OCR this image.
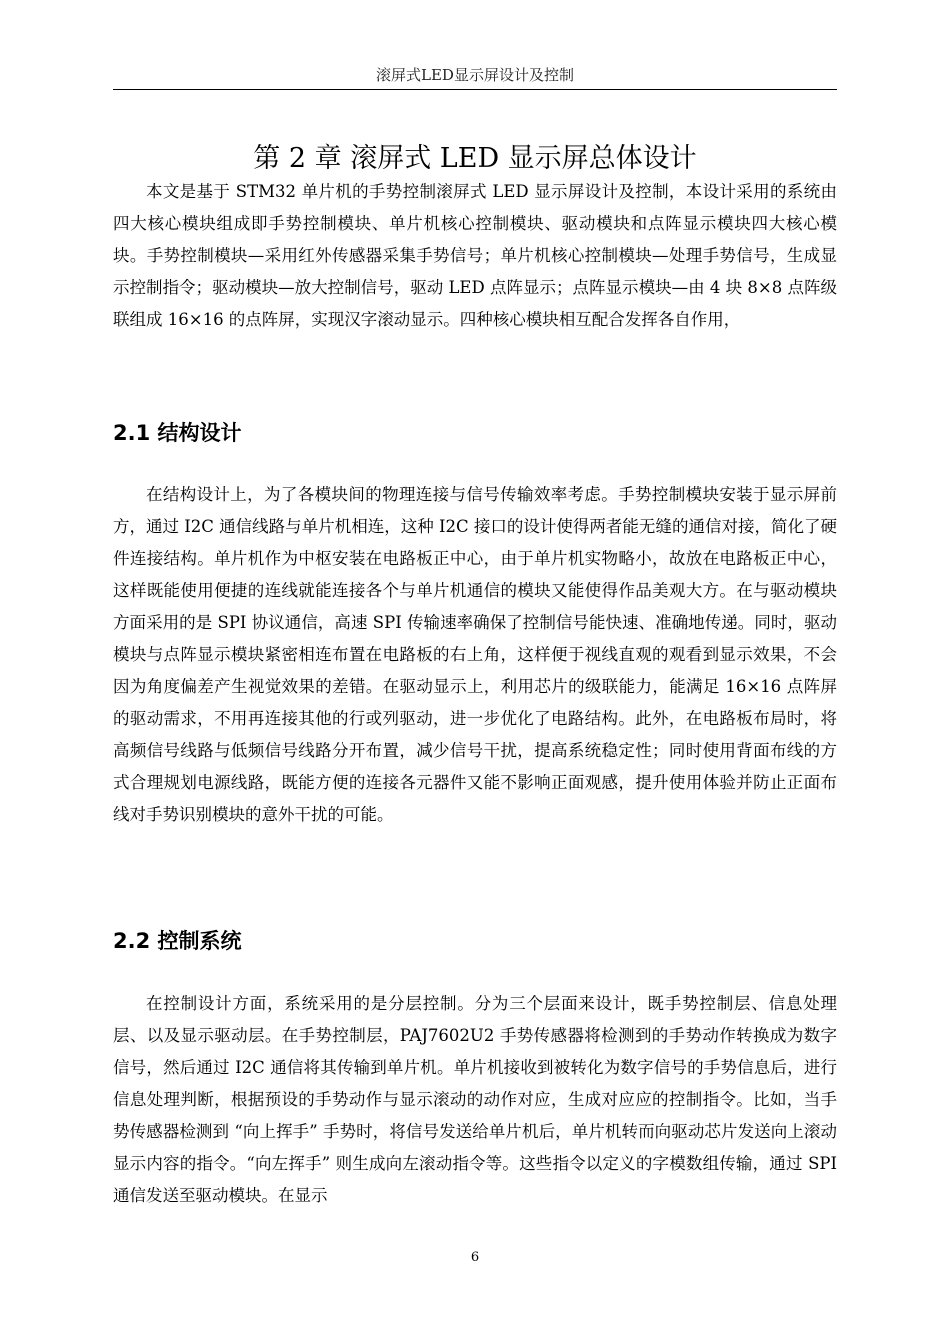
滚屏式LED显示屏设计及控制
第 2 章 滚屏式 LED 显示屏总体设计

本文是基于 STM32 单片机的手势控制滚屏式 LED 显示屏设计及控制，本设计采用的系统由四大核心模块组成即手势控制模块、单片机核心控制模块、驱动模块和点阵显示模块四大核心模块。手势控制模块—采用红外传感器采集手势信号；单片机核心控制模块—处理手势信号，生成显示控制指令；驱动模块—放大控制信号，驱动 LED 点阵显示；点阵显示模块—由 4 块 8×8 点阵级联组成 16×16 的点阵屏，实现汉字滚动显示。四种核心模块相互配合发挥各自作用，

2.1 结构设计

在结构设计上，为了各模块间的物理连接与信号传输效率考虑。手势控制模块安装于显示屏前方，通过 I2C 通信线路与单片机相连，这种 I2C 接口的设计使得两者能无缝的通信对接，简化了硬件连接结构。单片机作为中枢安装在电路板正中心，由于单片机实物略小，故放在电路板正中心，这样既能使用便捷的连线就能连接各个与单片机通信的模块又能使得作品美观大方。在与驱动模块方面采用的是 SPI 协议通信，高速 SPI 传输速率确保了控制信号能快速、准确地传递。同时，驱动模块与点阵显示模块紧密相连布置在电路板的右上角，这样便于视线直观的观看到显示效果，不会因为角度偏差产生视觉效果的差错。在驱动显示上，利用芯片的级联能力，能满足 16×16 点阵屏的驱动需求，不用再连接其他的行或列驱动，进一步优化了电路结构。此外，在电路板布局时，将高频信号线路与低频信号线路分开布置，减少信号干扰，提高系统稳定性；同时使用背面布线的方式合理规划电源线路，既能方便的连接各元器件又能不影响正面观感，提升使用体验并防止正面布线对手势识别模块的意外干扰的可能。

2.2 控制系统

在控制设计方面，系统采用的是分层控制。分为三个层面来设计，既手势控制层、信息处理层、以及显示驱动层。在手势控制层，PAJ7602U2 手势传感器将检测到的手势动作转换成为数字信号，然后通过 I2C 通信将其传输到单片机。单片机接收到被转化为数字信号的手势信息后，进行信息处理判断，根据预设的手势动作与显示滚动的动作对应，生成对应应的控制指令。比如，当手势传感器检测到 “向上挥手” 手势时，将信号发送给单片机后，单片机转而向驱动芯片发送向上滚动显示内容的指令。“向左挥手” 则生成向左滚动指令等。这些指令以定义的字模数组传输，通过 SPI 通信发送至驱动模块。在显示

6
